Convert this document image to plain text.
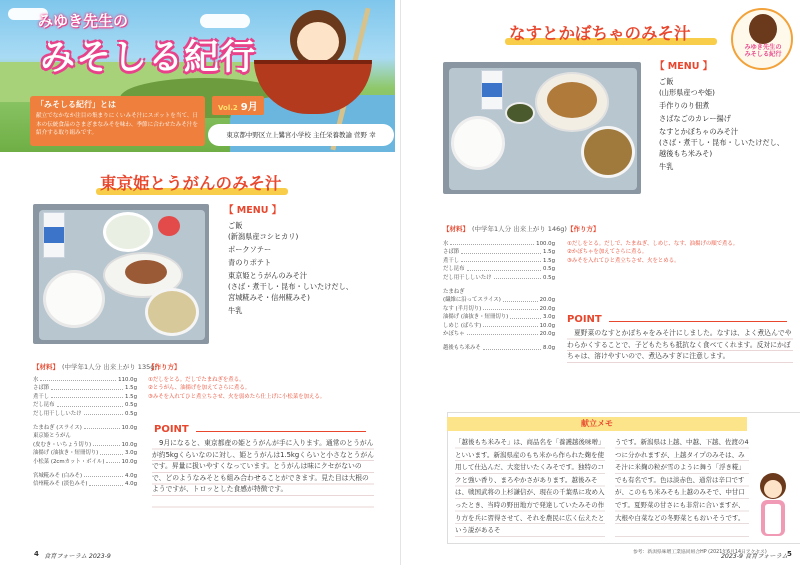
みゆき先生の
みそしる紀行
「みそしる紀行」とは
献立でなかなか注目の集まりにくいみそ汁にスポットを当て、日本の伝統食品のさまざまなみそを味わ、季節に合わせたみそ汁を紹介する取り組みです。
Vol.2 9月
東京都中野区立上鷺宮小学校 主任栄養教諭 菅野 幸
東京姫とうがんのみそ汁
【 MENU 】
ご飯
(新潟県産コシヒカリ)
ポークソテー
青のりポテト
東京姫とうがんのみそ汁
(さば・煮干し・昆布・しいたけだし、
宮城糀みそ・信州糀みそ)
牛乳
【材料】 (中学年1人分 出来上がり 135g)
水	110.0g
さば節	1.5g
煮干し	1.5g
だし昆布	0.5g
だし用干ししいたけ	0.5g
たまねぎ (スライス)	10.0g
東京姫とうがん
(皮むき・いちょう切り)	10.0g
油揚げ (油抜き・短冊切り)	3.0g
小松菜 (2cmカット・ボイル)	10.0g
宮城糀みそ (白みそ)	4.0g
信州糀みそ (淡色みそ)	4.0g
【作り方】
①だしをとる。だしでたまねぎを煮る。
②とうがん、油揚げを加えてさらに煮る。
③みそを入れてひと煮立ちさせ、火を弱めたら仕上げに小松菜を加える。
POINT
9月になると、東京都産の姫とうがんが手に入ります。通常のとうがんが約5kgくらいなのに対し、姫とうがんは1.5kgくらいと小さなとうがんです。昇量に扱いやすくなっています。とうがんは味にクセがないので、どのようなみそとも組み合わせることができます。見た目は大根のようですが、トロッとした食感が特徴です。
4 食育フォーラム 2023-9
みゆき先生の
みそしる紀行
なすとかぼちゃのみそ汁
【 MENU 】
ご飯
(山形県産つや姫)
手作りのり佃煮
さばなごのカレー揚げ
なすとかぼちゃのみそ汁
(さば・煮干し・昆布・しいたけだし、
越後もち米みそ)
牛乳
【材料】 (中学年1人分 出来上がり 146g)
水	100.0g
さば節	1.5g
煮干し	1.5g
だし昆布	0.5g
だし用干ししいたけ	0.5g
たまねぎ
(繊維に沿ってスライス)	20.0g
なす (半月切り)	20.0g
油揚げ (油抜き・短冊切り)	3.0g
しめじ (ばらす)	10.0g
かぼちゃ	20.0g
越後もち米みそ	8.0g
【作り方】
①だしをとる。だしで、たまねぎ、しめじ、なす、油揚げの順で煮る。
②かぼちゃを加えてさらに煮る。
③みそを入れてひと煮立ちさせ、火をとめる。
POINT
夏野菜のなすとかぼちゃをみそ汁にしました。なすは、よく煮込んでやわらかくすることで、子どもたちも抵抗なく食べてくれます。反対にかぼちゃは、溶けやすいので、煮込みすぎに注意します。
献立メモ
「越後もち米みそ」は、商品名を「養護越後味噌」といいます。新潟県産のもち米から作られた麹を使用して仕込んだ、大変甘いたくみそです。独特のコクと強い香り、まろやかさがあります。越後みそは、戦国武将の上杉謙信が、現在の千葉県に攻め入ったとき、当時の野田地方で発達していたみその作り方を兵に習得させて、それを農民に広く伝えたという説があるそ
うです。新潟県は上越、中越、下越、佐渡の4つに分かれますが、上越タイプのみそは、みそ汁に米麹の粒が雪のように舞う「浮き糀」でも有名です。色は淡赤色、通常は辛口ですが、このもち米みそも上越のみそで、中甘口です。夏野菜の甘さにも非常に合いますが、大根や白菜などの冬野菜ともおいそうです。
参考：新潟県味噌工業協同組合HP (2021年6月14日アクセス)
2023-9 食育フォーラム 5
